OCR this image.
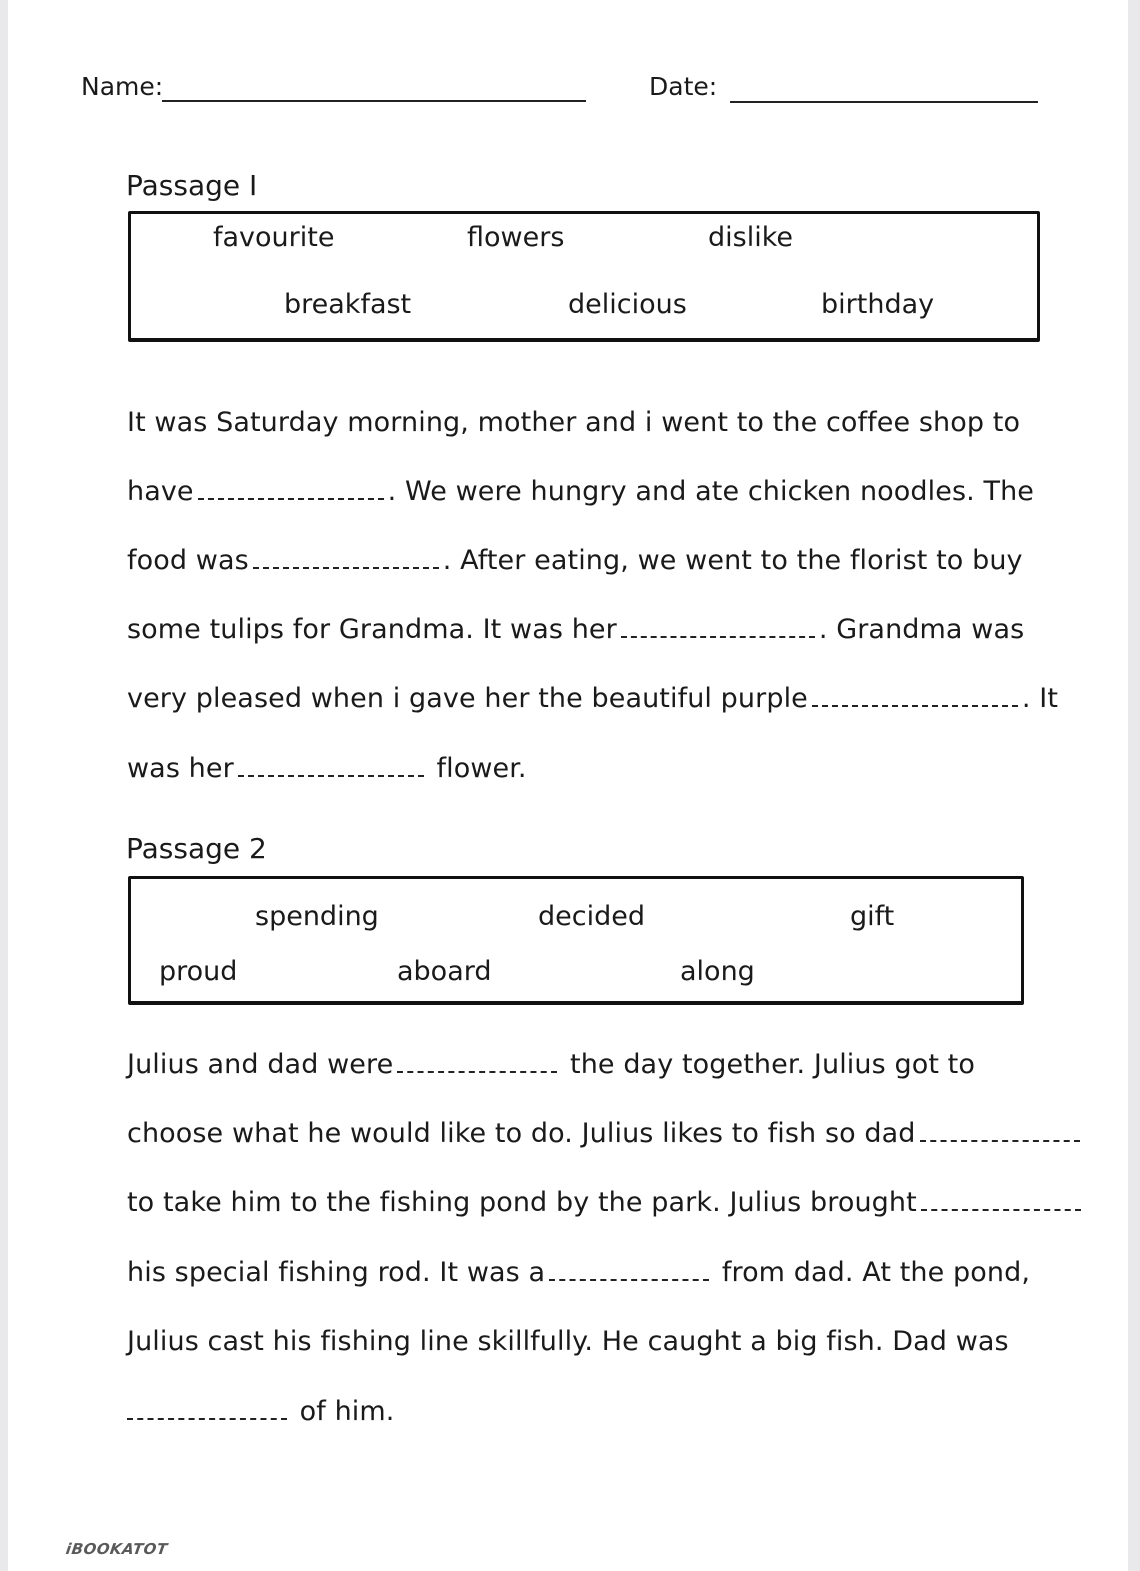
Name:	Date:
Passage I
favourite	flowers	dislike
breakfast	delicious	birthday
It was Saturday morning, mother and i went to the coffee shop to
have	. We were hungry and ate chicken noodles. The
food was	. After eating, we went to the florist to buy
some tulips for Grandma. It was her	. Grandma was
very pleased when i gave her the beautiful purple	. It
was her	flower.
Passage 2
spending	decided	gift
proud	aboard	along
Julius and dad were	the day together. Julius got to
choose what he would like to do. Julius likes to fish so dad
to take him to the fishing pond by the park. Julius brought
his special fishing rod. It was a	from dad. At the pond,
Julius cast his fishing line skillfully. He caught a big fish. Dad was
of him.
iBOOKATOT
